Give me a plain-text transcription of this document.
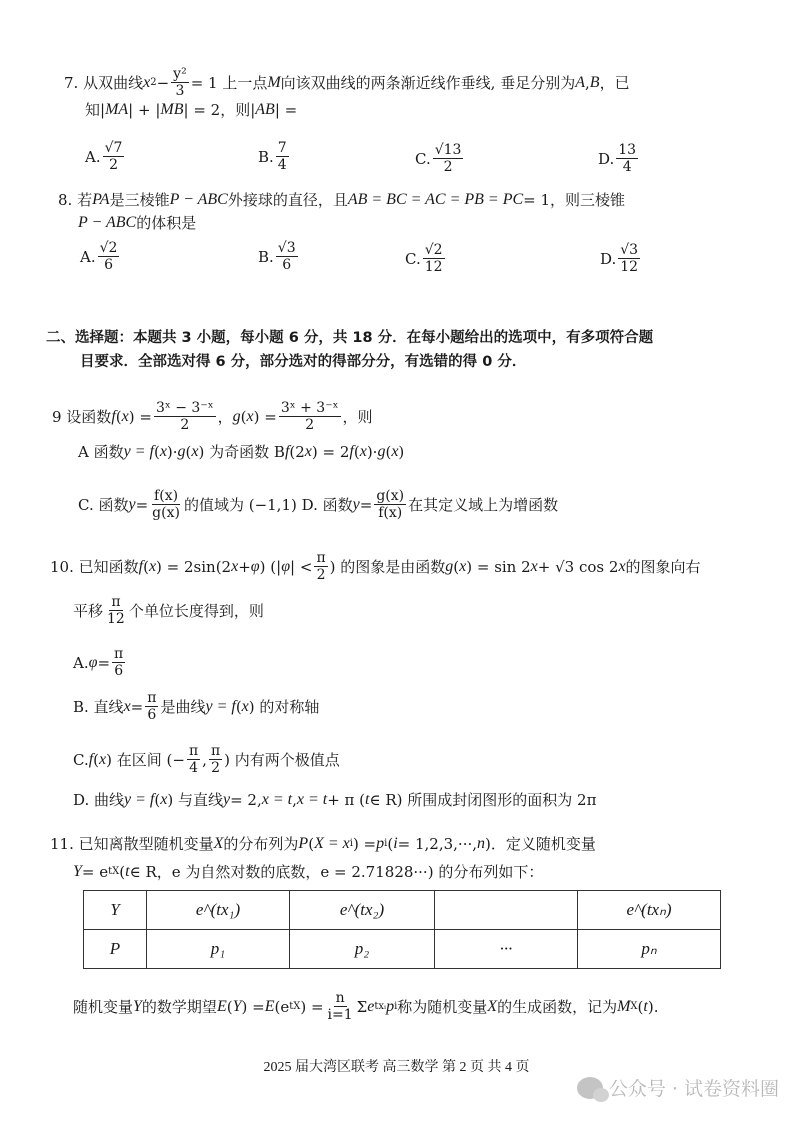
7. 从双曲线 x $2 - \frac{\text{y²}}{3} = 1$ 上一点 M 向该双曲线的两条渐近线作垂线, 垂足分别为 A , B ，已
知| MA | + | MB | = 2，则| AB | =
A. $\frac{√7}{2}$	B. $\frac{7}{4}$	C. $\frac{√13}{2}$	D. $\frac{13}{4}$
8. 若 PA 是三棱锥 P − ABC 外接球的直径，且 AB = BC = AC = PB = PC = 1，则三棱锥
P − ABC 的体积是
A. $\frac{√2}{6}$	B. $\frac{√3}{6}$	C. $\frac{√2}{12}$	D. $\frac{√3}{12}$
二、选择题：本题共 3 小题，每小题 6 分，共 18 分．在每小题给出的选项中，有多项符合题
目要求．全部选对得 6 分，部分选对的得部分分，有选错的得 0 分．
9 设函数 f ( x ) = $\frac{\text{3ˣ − 3⁻ˣ}}{2}$ ， g ( x ) = $\frac{\text{3ˣ + 3⁻ˣ}}{2}$ ，则
A 函数 y = f ( x )· g ( x ) 为奇函数 B f (2 x ) = 2 f ( x )· g ( x )
C. 函数 $y = \frac{f(x)}{g(x)}$ 的值域为 (−1,1) D. 函数 $y = \frac{g(x)}{f(x)}$ 在其定义域上为增函数
10. 已知函数 f ( x ) = 2sin(2 x + φ ) (| φ | < $\frac{\pi}{2}$ ) 的图象是由函数 g ( x ) = sin 2 x + √3 cos 2 x 的图象向右
平移 $\frac{\pi}{12}$ 个单位长度得到，则
A. $\varphi = \frac{\pi}{6}$
B. 直线 $x = \frac{\pi}{6}$ 是曲线 y = f ( x ) 的对称轴
C. f ( x ) 在区间 (− $\frac{\pi}{4}$ , $\frac{\pi}{2}$ ) 内有两个极值点
D. 曲线 y = f ( x ) 与直线 y = 2, x = t , x = t + π ( t ∈ R) 所围成封闭图形的面积为 2π
11. 已知离散型随机变量 X 的分布列为 P ( X = x i ) = p i ( i = 1,2,3,···, n )．定义随机变量
Y = e tX ( t ∈ R，e 为自然对数的底数，e = 2.71828···) 的分布列如下：
Y	e^(tx₁)	e^(tx₂)		e^(txₙ)
P	p₁	p₂	···	pₙ
随机变量 Y 的数学期望 E ( Y ) = E (e tX ) = $\frac{n}{i=1}$ Σ e txᵢ p i 称为随机变量 X 的生成函数，记为 M X ( t ).
2025 届大湾区联考 高三数学 第 2 页 共 4 页
公众号 · 试卷资料圈
